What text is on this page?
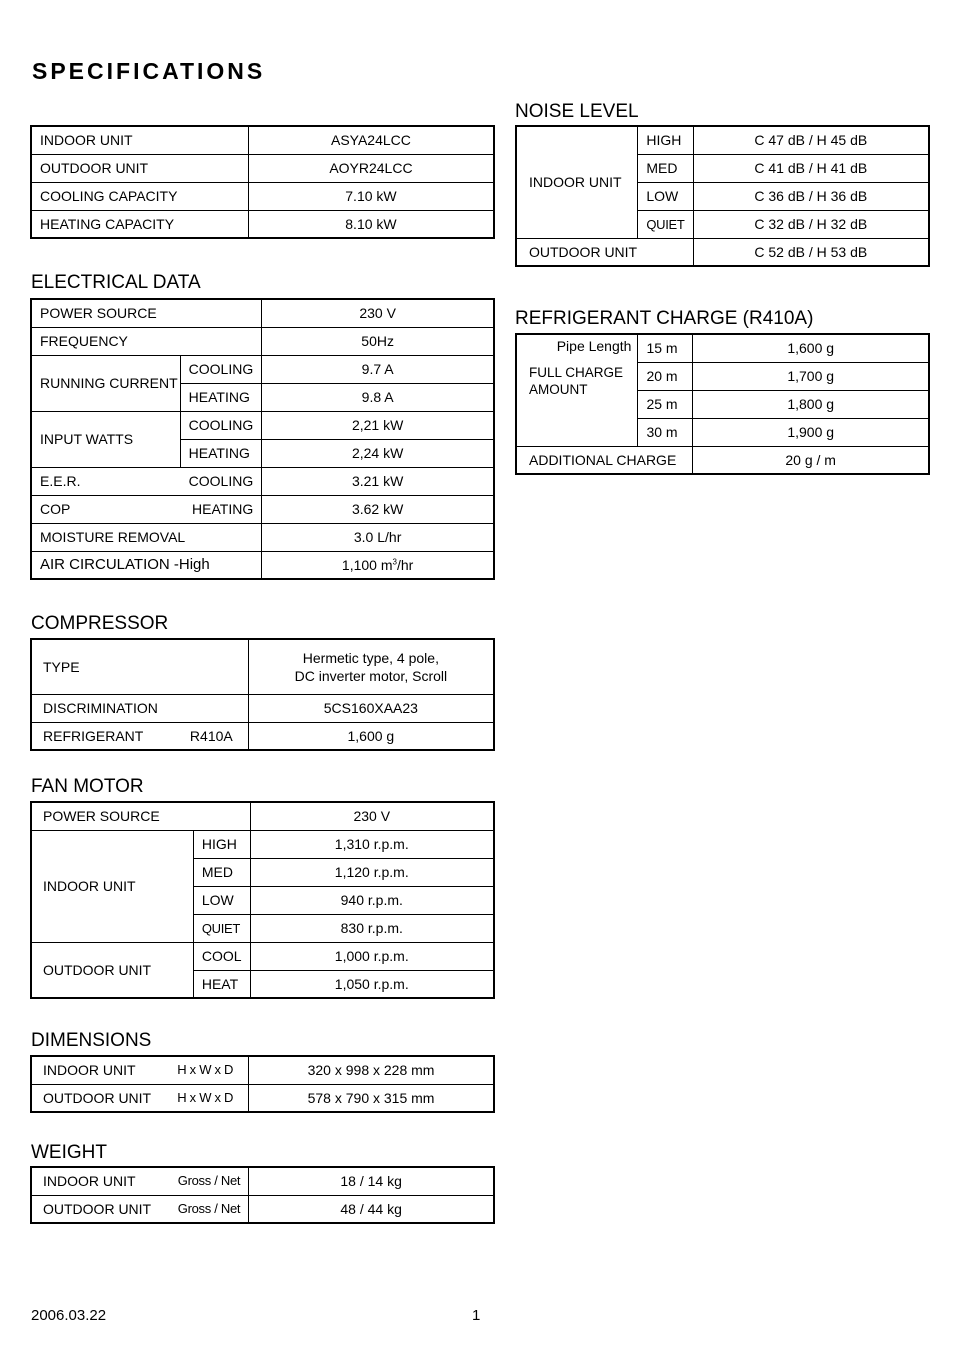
SPECIFICATIONS
INDOOR UNIT	ASYA24LCC
OUTDOOR UNIT	AOYR24LCC
COOLING CAPACITY	7.10 kW
HEATING CAPACITY	8.10 kW
ELECTRICAL DATA
POWER SOURCE		230 V
FREQUENCY		50Hz
RUNNING CURRENT	COOLING	9.7 A
	HEATING	9.8 A
INPUT WATTS	COOLING	2,21 kW
	HEATING	2,24 kW

E.E.R. COOLING		3.21 kW

COP HEATING		3.62 kW
MOISTURE REMOVAL		3.0 L/hr
AIR CIRCULATION -High		1,100 $m^3/hr$
COMPRESSOR
TYPE	Hermetic type, 4 pole,
DC inverter motor, Scroll

DISCRIMINATION	5CS160XAA23

REFRIGERANT R410A	1,600 g
FAN MOTOR
POWER SOURCE		230 V
INDOOR UNIT	HIGH	1,310 r.p.m.
	MED	1,120 r.p.m.
	LOW	940 r.p.m.
	QUIET	830 r.p.m.
OUTDOOR UNIT	COOL	1,000 r.p.m.
	HEAT	1,050 r.p.m.
DIMENSIONS
INDOOR UNIT H x W x D	320 x 998 x 228 mm

OUTDOOR UNIT H x W x D	578 x 790 x 315 mm
WEIGHT
INDOOR UNIT Gross / Net	18 / 14 kg

OUTDOOR UNIT Gross / Net	48 / 44 kg
NOISE LEVEL
INDOOR UNIT	HIGH	C 47 dB / H 45 dB
	MED	C 41 dB / H 41 dB
	LOW	C 36 dB / H 36 dB
	QUIET	C 32 dB / H 32 dB
OUTDOOR UNIT		C 52 dB / H 53 dB
REFRIGERANT CHARGE (R410A)
Pipe Length
FULL CHARGE
AMOUNT	15 m	1,600 g
	20 m	1,700 g
	25 m	1,800 g
	30 m	1,900 g
ADDITIONAL CHARGE		20 g / m
2006.03.22	1
